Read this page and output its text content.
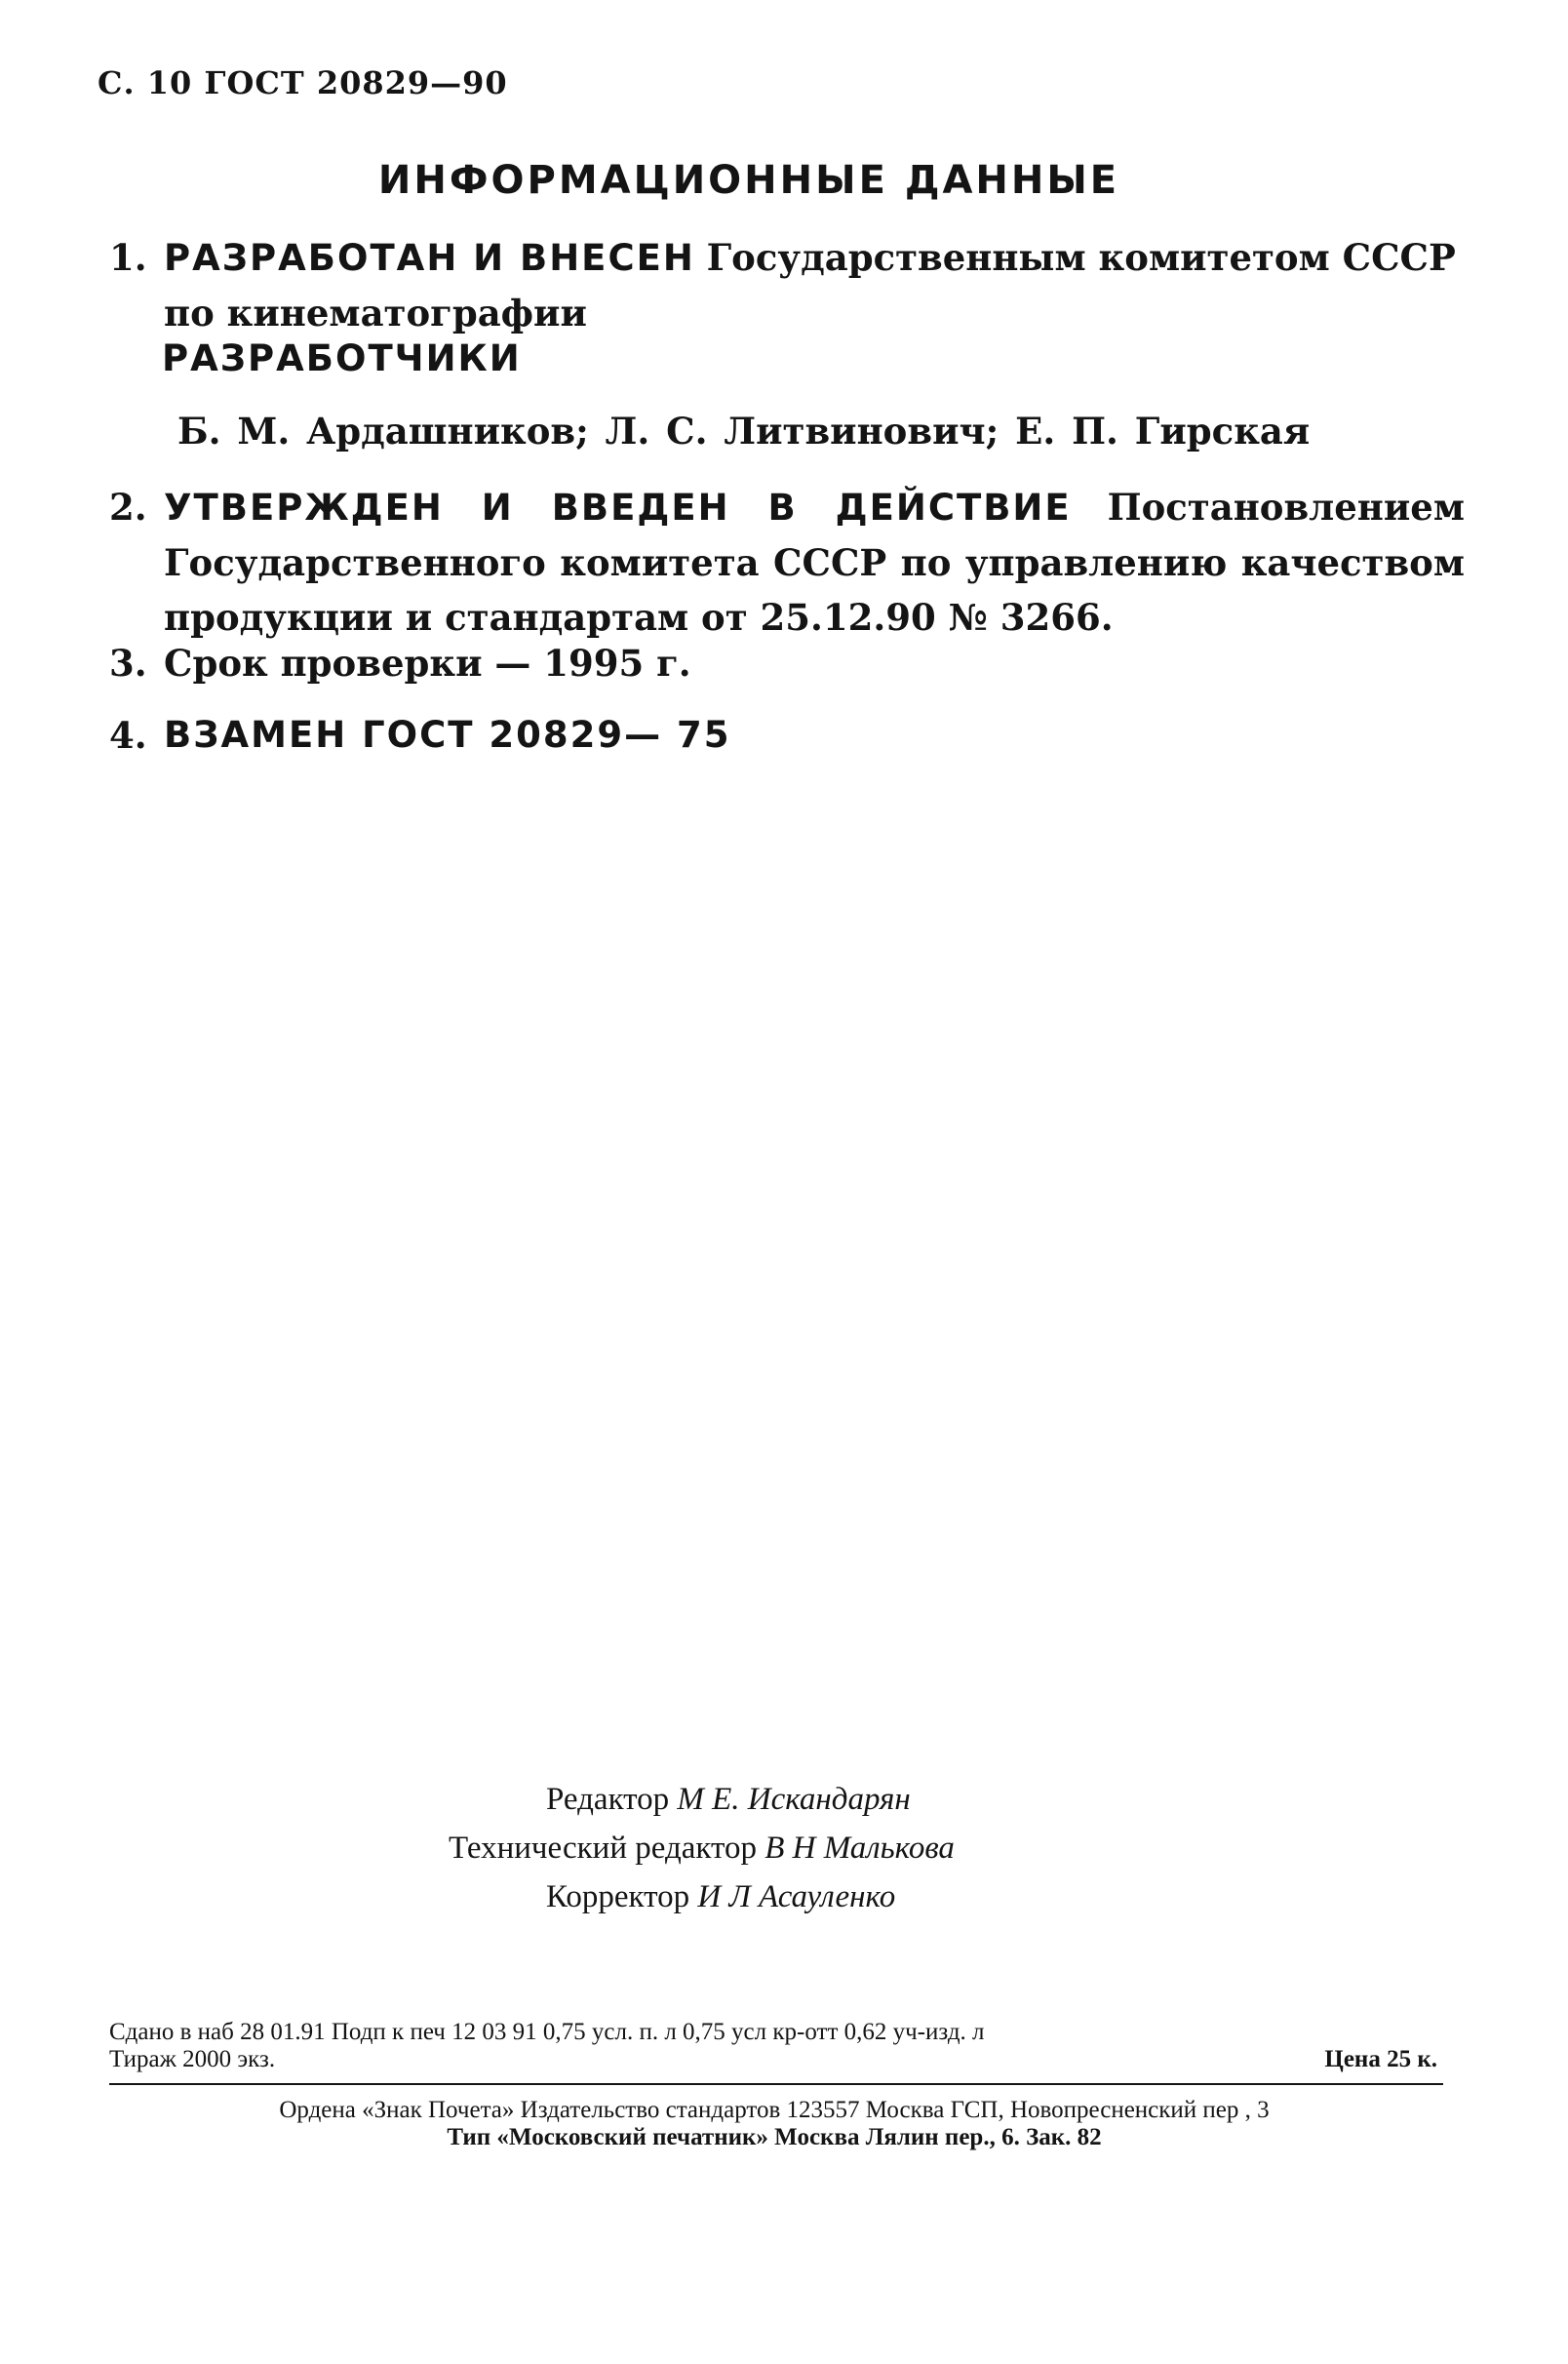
С. 10 ГОСТ 20829—90
ИНФОРМАЦИОННЫЕ ДАННЫЕ
1. РАЗРАБОТАН И ВНЕСЕН Государственным комитетом СССР
по кинематографии
РАЗРАБОТЧИКИ
Б. М. Ардашников; Л. С. Литвинович; Е. П. Гирская
2. УТВЕРЖДЕН И ВВЕДЕН В ДЕЙСТВИЕ Постановлением Государственного комитета СССР по управлению качеством продукции и стандартам от 25.12.90 № 3266.
3. Срок проверки — 1995 г.
4. ВЗАМЕН ГОСТ 20829— 75
Редактор М Е. Искандарян
Технический редактор В Н Малькова
Корректор И Л Асауленко
Сдано в наб 28 01.91 Подп к печ 12 03 91 0,75 усл. п. л 0,75 усл кр-отт 0,62 уч-изд. л
Тираж 2000 экз.	Цена 25 к.
Ордена «Знак Почета» Издательство стандартов 123557 Москва ГСП, Новопресненский пер , 3
Тип «Московский печатник» Москва Лялин пер., 6. Зак. 82
